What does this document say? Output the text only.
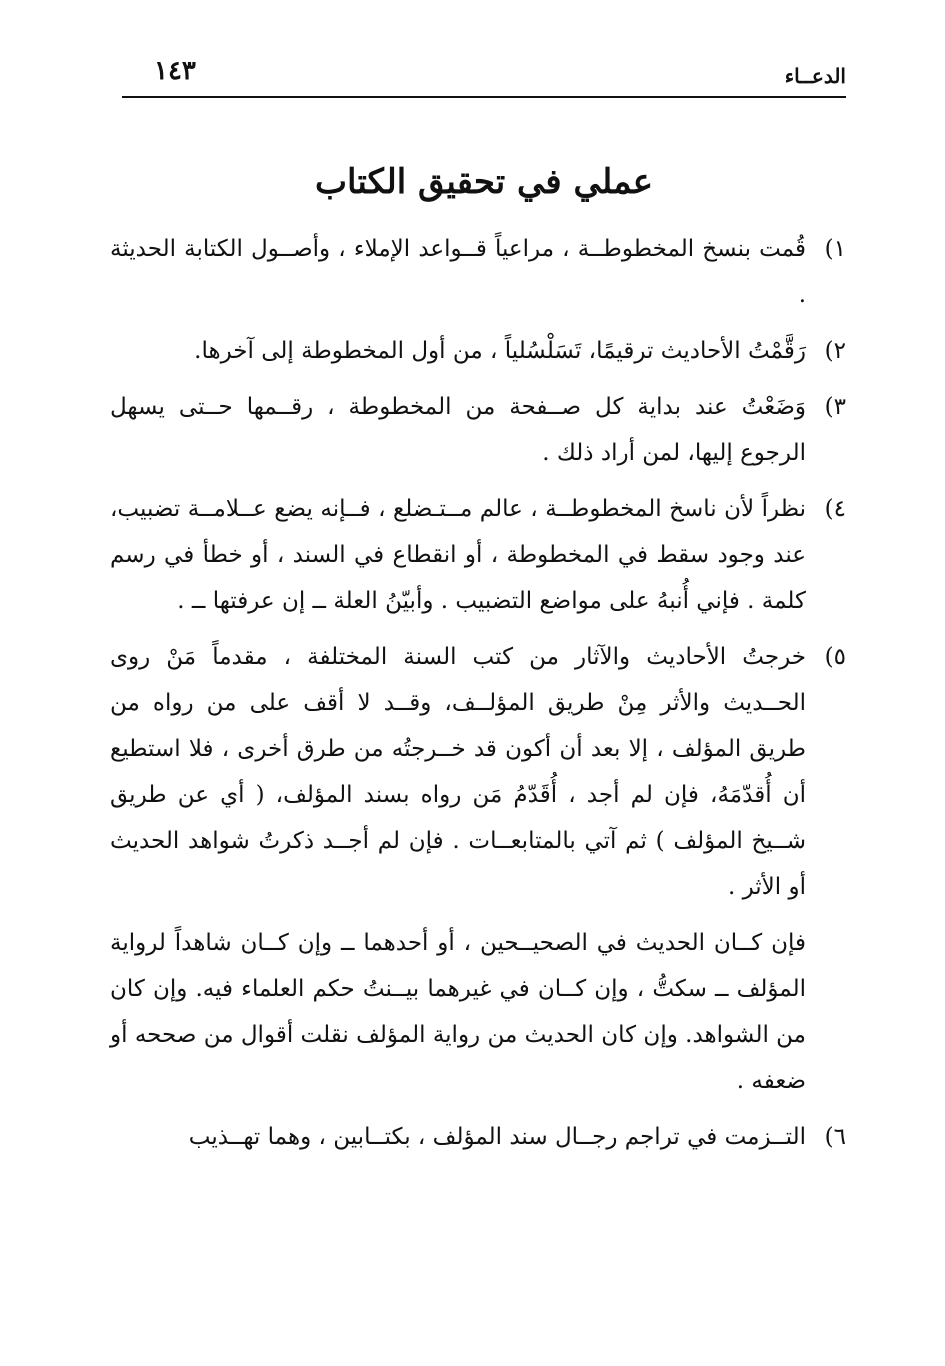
الدعــاء
١٤٣
عملي في تحقيق الكتاب
١)
قُمت بنسخ المخطوطــة ، مراعياً قــواعد الإملاء ، وأصــول الكتابة الحديثة .
٢)
رَقَّمْتُ الأحاديث ترقيمًا، تَسَلْسُلياً ، من أول المخطوطة إلى آخرها.
٣)
وَضَعْتُ عند بداية كل صــفحة من المخطوطة ، رقــمها حــتى يسهل الرجوع إليها، لمن أراد ذلك .
٤)
نظراً لأن ناسخ المخطوطــة ، عالم مــتـضلع ، فــإنه يضع عــلامــة تضبيب، عند وجود سقط في المخطوطة ، أو انقطاع في السند ، أو خطأ في رسم كلمة . فإني أُنبهُ على مواضع التضبيب . وأبيّنُ العلة ــ إن عرفتها ــ .
٥)
خرجتُ الأحاديث والآثار من كتب السنة المختلفة ، مقدماً مَنْ روى الحــديث والأثر مِنْ طريق المؤلــف، وقــد لا أقف على من رواه من طريق المؤلف ، إلا بعد أن أكون قد خــرجتُه من طرق أخرى ، فلا استطيع أن أُقدّمَهُ، فإن لم أجد ، أُقَدّمُ مَن رواه بسند المؤلف، ( أي عن طريق شــيخ المؤلف ) ثم آتي بالمتابعــات . فإن لم أجــد ذكرتُ شواهد الحديث أو الأثر .

فإن كــان الحديث في الصحيــحين ، أو أحدهما ــ وإن كــان شاهداً لرواية المؤلف ــ سكتُّ ، وإن كــان في غيرهما بيــنتُ حكم العلماء فيه. وإن كان من الشواهد. وإن كان الحديث من رواية المؤلف نقلت أقوال من صححه أو ضعفه .

٦)
التــزمت في تراجم رجــال سند المؤلف ، بكتــابين ، وهما تهــذيب
